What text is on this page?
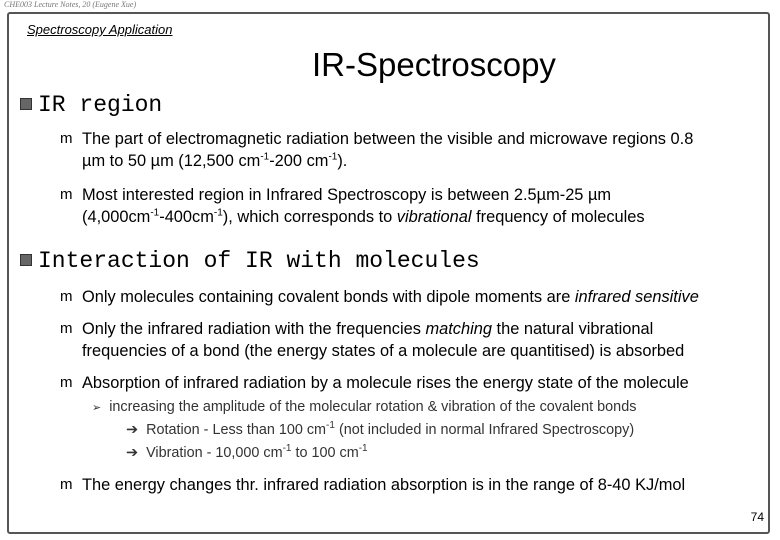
CHE003 Lecture Notes, 20 (Eugene Xue)
Spectroscopy Application
IR-Spectroscopy
IR region
m The part of electromagnetic radiation between the visible and microwave regions 0.8
µm to 50 µm (12,500 $cm^{-1}-200$ $cm^{-1}$).
m Most interested region in Infrared Spectroscopy is between 2.5µm-25 µm
$(4,000cm^{-1}-400cm^{-1})$, which corresponds to vibrational frequency of molecules
Interaction of IR with molecules
m Only molecules containing covalent bonds with dipole moments are infrared sensitive
m Only the infrared radiation with the frequencies matching the natural vibrational
frequencies of a bond (the energy states of a molecule are quantitised) is absorbed
m Absorption of infrared radiation by a molecule rises the energy state of the molecule
➢ increasing the amplitude of the molecular rotation & vibration of the covalent bonds
➔ Rotation - Less than 100 $cm^{-1}$ (not included in normal Infrared Spectroscopy)
➔ Vibration - 10,000 $cm^{-1}$ to 100 $cm^{-1}$
m The energy changes thr. infrared radiation absorption is in the range of 8-40 KJ/mol
74
